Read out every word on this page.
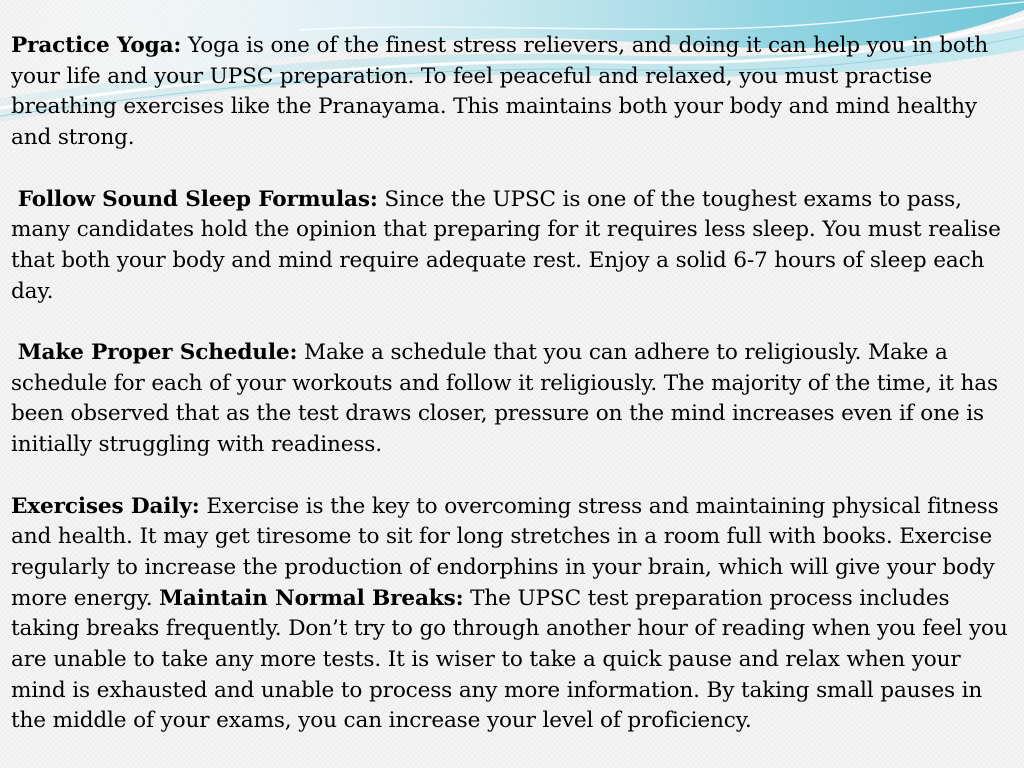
Practice Yoga: Yoga is one of the finest stress relievers, and doing it can help you in both your life and your UPSC preparation. To feel peaceful and relaxed, you must practise breathing exercises like the Pranayama. This maintains both your body and mind healthy and strong.

Follow Sound Sleep Formulas: Since the UPSC is one of the toughest exams to pass, many candidates hold the opinion that preparing for it requires less sleep. You must realise that both your body and mind require adequate rest. Enjoy a solid 6-7 hours of sleep each day.

Make Proper Schedule: Make a schedule that you can adhere to religiously. Make a schedule for each of your workouts and follow it religiously. The majority of the time, it has been observed that as the test draws closer, pressure on the mind increases even if one is initially struggling with readiness.

Exercises Daily: Exercise is the key to overcoming stress and maintaining physical fitness and health. It may get tiresome to sit for long stretches in a room full with books. Exercise regularly to increase the production of endorphins in your brain, which will give your body more energy. Maintain Normal Breaks: The UPSC test preparation process includes taking breaks frequently. Don’t try to go through another hour of reading when you feel you are unable to take any more tests. It is wiser to take a quick pause and relax when your mind is exhausted and unable to process any more information. By taking small pauses in the middle of your exams, you can increase your level of proficiency.
